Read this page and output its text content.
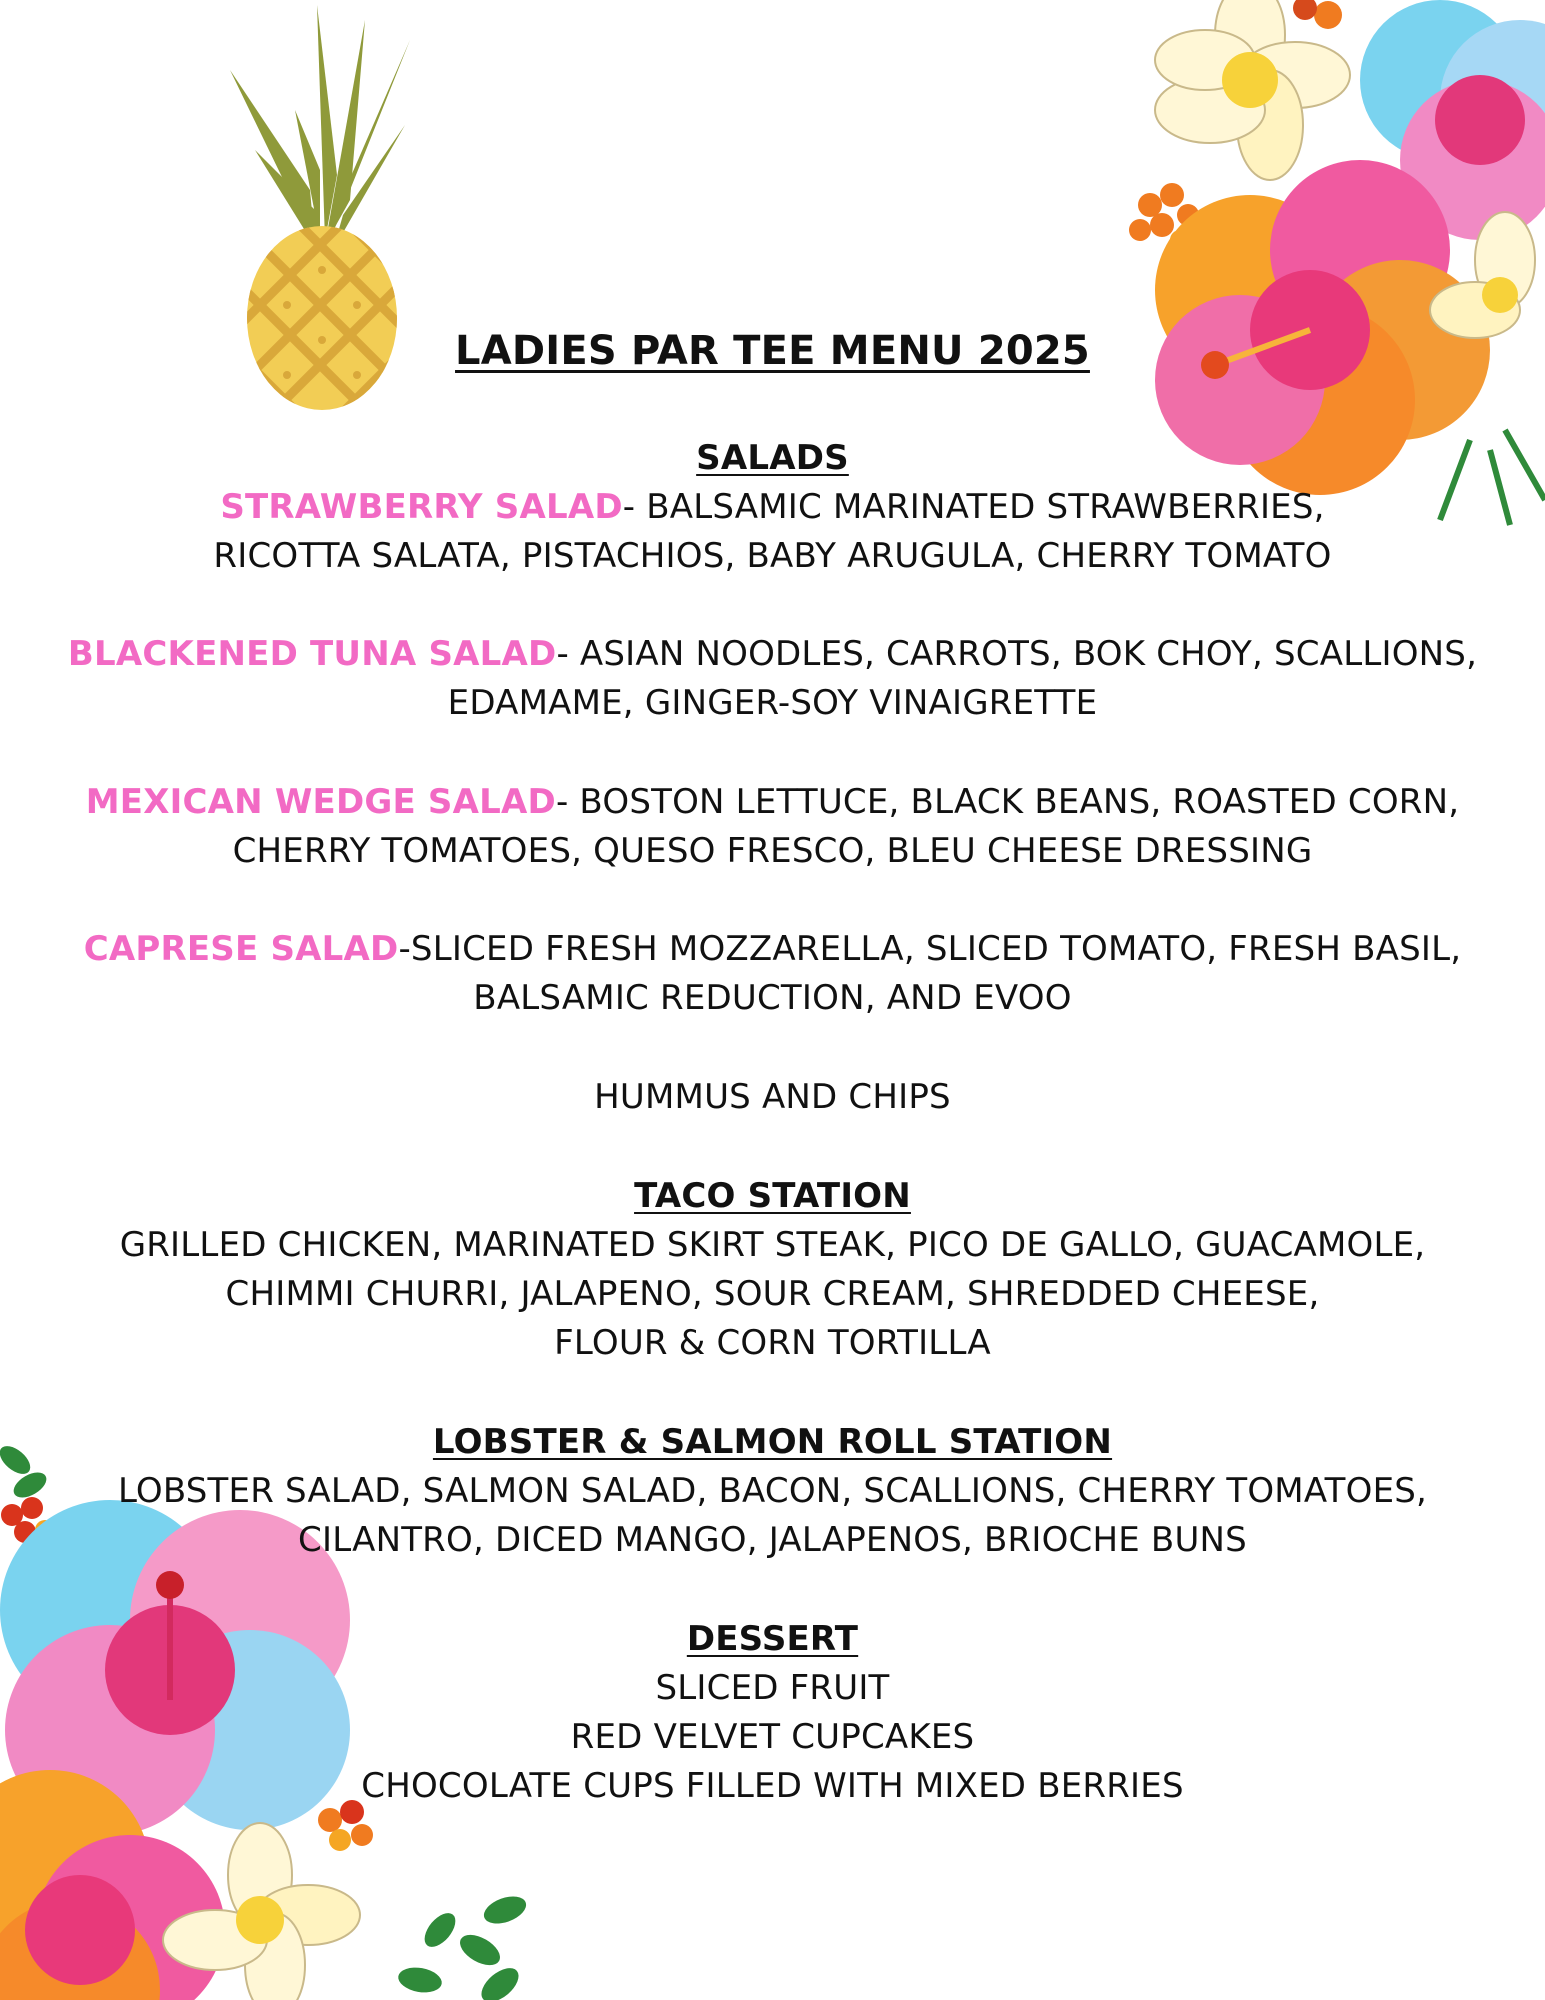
LADIES PAR TEE MENU 2025
SALADS
STRAWBERRY SALAD- BALSAMIC MARINATED STRAWBERRIES,
RICOTTA SALATA, PISTACHIOS, BABY ARUGULA, CHERRY TOMATO
BLACKENED TUNA SALAD- ASIAN NOODLES, CARROTS, BOK CHOY, SCALLIONS,
EDAMAME, GINGER-SOY VINAIGRETTE
MEXICAN WEDGE SALAD- BOSTON LETTUCE, BLACK BEANS, ROASTED CORN,
CHERRY TOMATOES, QUESO FRESCO, BLEU CHEESE DRESSING
CAPRESE SALAD-SLICED FRESH MOZZARELLA, SLICED TOMATO, FRESH BASIL,
BALSAMIC REDUCTION, AND EVOO
HUMMUS AND CHIPS
TACO STATION
GRILLED CHICKEN, MARINATED SKIRT STEAK, PICO DE GALLO, GUACAMOLE,
CHIMMI CHURRI, JALAPENO, SOUR CREAM, SHREDDED CHEESE,
FLOUR & CORN TORTILLA
LOBSTER & SALMON ROLL STATION
LOBSTER SALAD, SALMON SALAD, BACON, SCALLIONS, CHERRY TOMATOES,
CILANTRO, DICED MANGO, JALAPENOS, BRIOCHE BUNS
DESSERT
SLICED FRUIT
RED VELVET CUPCAKES
CHOCOLATE CUPS FILLED WITH MIXED BERRIES
